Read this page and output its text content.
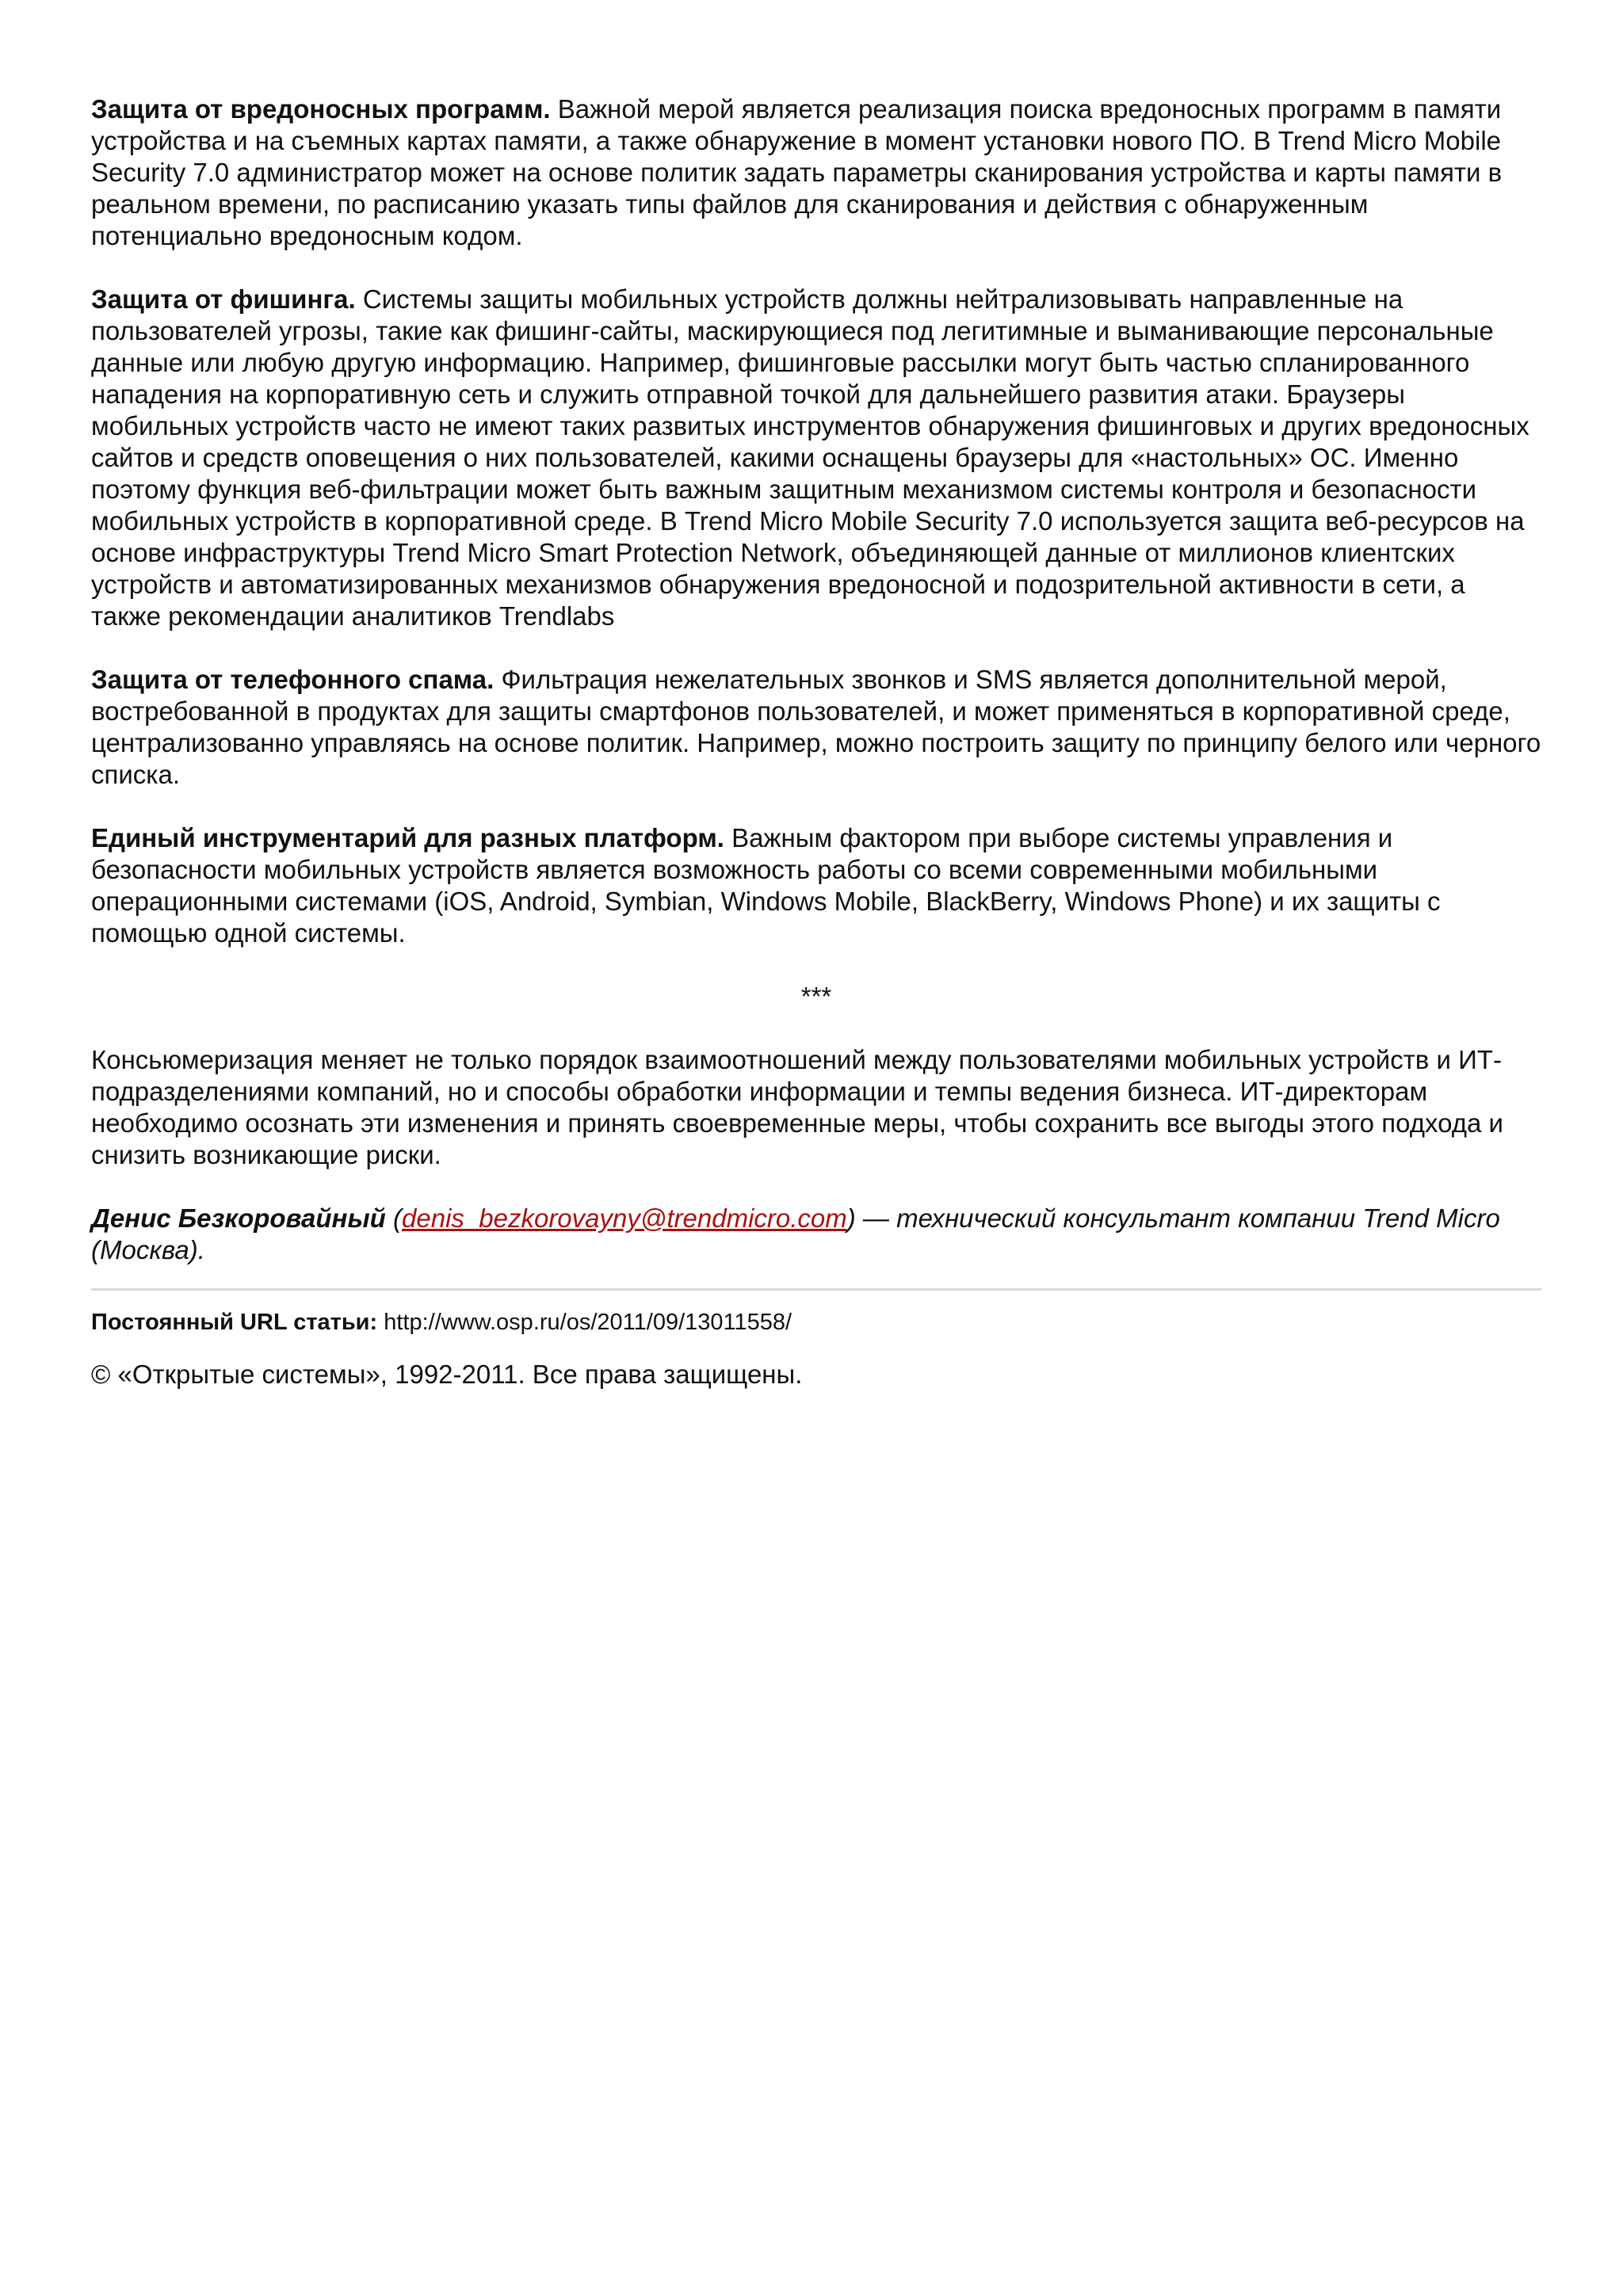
Защита от вредоносных программ. Важной мерой является реализация поиска вредоносных программ в памяти устройства и на съемных картах памяти, а также обнаружение в момент установки нового ПО. В Trend Micro Mobile Security 7.0 администратор может на основе политик задать параметры сканирования устройства и карты памяти в реальном времени, по расписанию указать типы файлов для сканирования и действия с обнаруженным потенциально вредоносным кодом.

Защита от фишинга. Системы защиты мобильных устройств должны нейтрализовывать направленные на пользователей угрозы, такие как фишинг-сайты, маскирующиеся под легитимные и выманивающие персональные данные или любую другую информацию. Например, фишинговые рассылки могут быть частью спланированного нападения на корпоративную сеть и служить отправной точкой для дальнейшего развития атаки. Браузеры мобильных устройств часто не имеют таких развитых инструментов обнаружения фишинговых и других вредоносных сайтов и средств оповещения о них пользователей, какими оснащены браузеры для «настольных» ОС. Именно поэтому функция веб-фильтрации может быть важным защитным механизмом системы контроля и безопасности мобильных устройств в корпоративной среде. В Trend Micro Mobile Security 7.0 используется защита веб-ресурсов на основе инфраструктуры Trend Micro Smart Protection Network, объединяющей данные от миллионов клиентских устройств и автоматизированных механизмов обнаружения вредоносной и подозрительной активности в сети, а также рекомендации аналитиков Trendlabs

Защита от телефонного спама. Фильтрация нежелательных звонков и SMS является дополнительной мерой, востребованной в продуктах для защиты смартфонов пользователей, и может применяться в корпоративной среде, централизованно управляясь на основе политик. Например, можно построить защиту по принципу белого или черного списка.

Единый инструментарий для разных платформ. Важным фактором при выборе системы управления и безопасности мобильных устройств является возможность работы со всеми современными мобильными операционными системами (iOS, Android, Symbian, Windows Mobile, BlackBerry, Windows Phone) и их защиты с помощью одной системы.

***

Консьюмеризация меняет не только порядок взаимоотношений между пользователями мобильных устройств и ИТ-подразделениями компаний, но и способы обработки информации и темпы ведения бизнеса. ИТ-директорам необходимо осознать эти изменения и принять своевременные меры, чтобы сохранить все выгоды этого подхода и снизить возникающие риски.

Денис Безкоровайный (denis_bezkorovayny@trendmicro.com) — технический консультант компании Trend Micro (Москва).

Постоянный URL статьи: http://www.osp.ru/os/2011/09/13011558/

© «Открытые системы», 1992-2011. Все права защищены.
